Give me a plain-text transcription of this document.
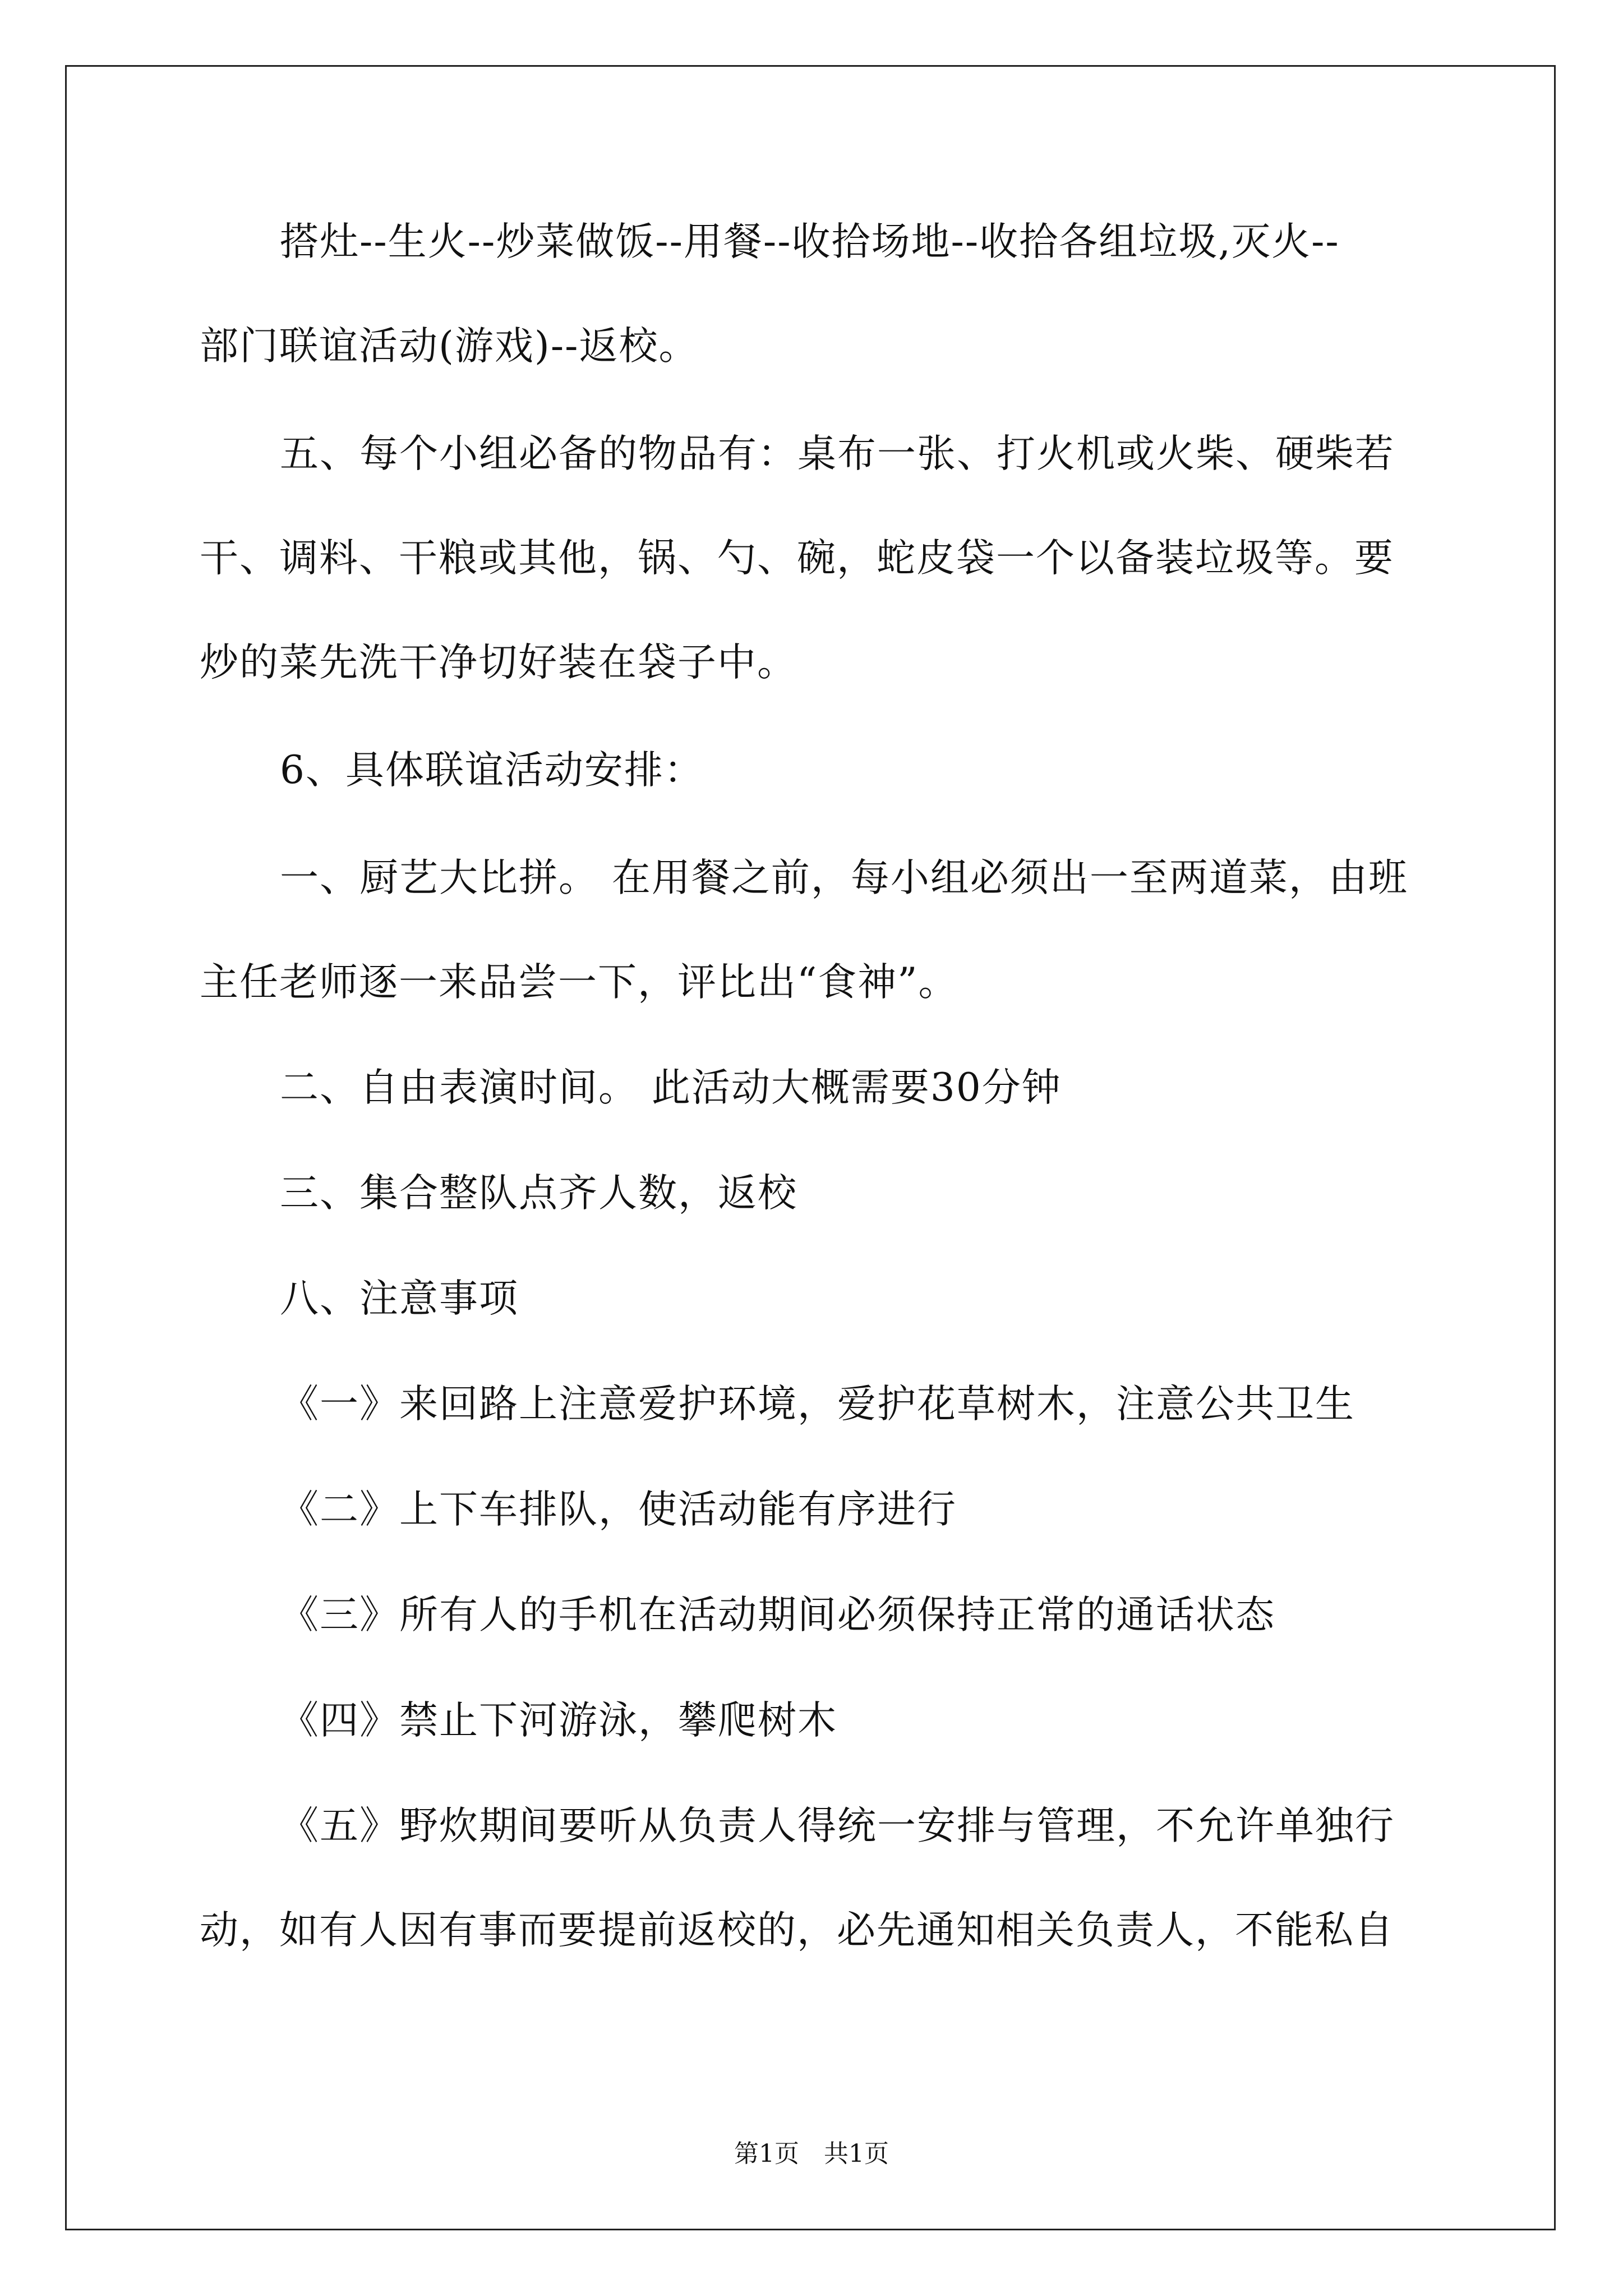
搭灶--生火--炒菜做饭--用餐--收拾场地--收拾各组垃圾,灭火--
部门联谊活动(游戏)--返校。
五、每个小组必备的物品有：桌布一张、打火机或火柴、硬柴若
干、调料、干粮或其他，锅、勺、碗，蛇皮袋一个以备装垃圾等。要
炒的菜先洗干净切好装在袋子中。
6、具体联谊活动安排：
一、厨艺大比拼。 在用餐之前，每小组必须出一至两道菜，由班
主任老师逐一来品尝一下，评比出“食神”。
二、自由表演时间。 此活动大概需要30分钟
三、集合整队点齐人数，返校
八、注意事项
《一》来回路上注意爱护环境，爱护花草树木，注意公共卫生
《二》上下车排队，使活动能有序进行
《三》所有人的手机在活动期间必须保持正常的通话状态
《四》禁止下河游泳，攀爬树木
《五》野炊期间要听从负责人得统一安排与管理，不允许单独行
动，如有人因有事而要提前返校的，必先通知相关负责人，不能私自
第1页　共1页
